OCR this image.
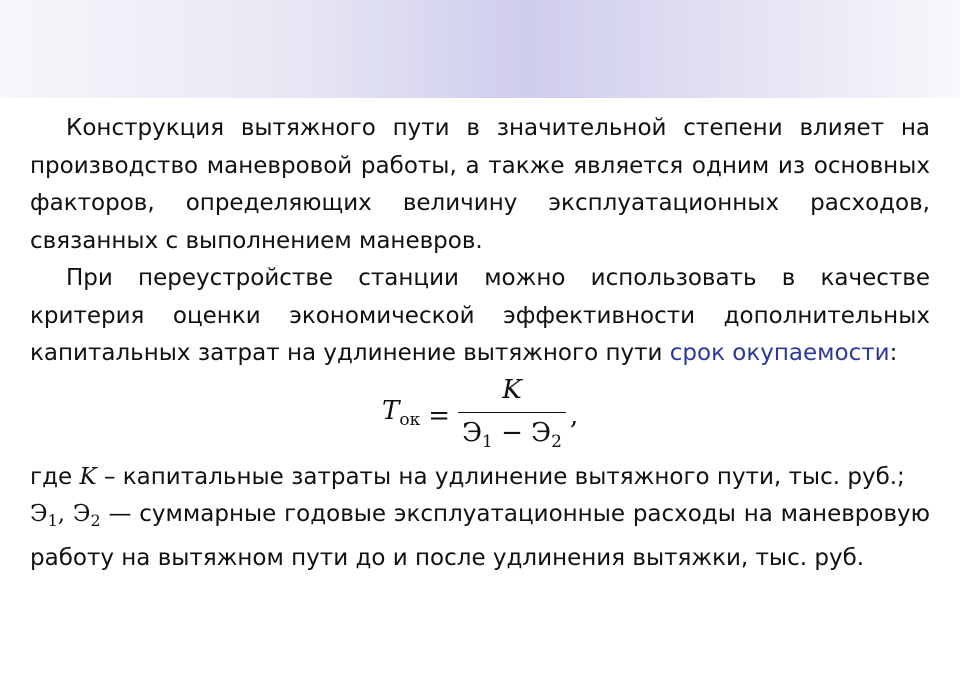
Конструкция вытяжного пути в значительной степени влияет на производство маневровой работы, а также является одним из основных факторов, определяющих величину эксплуатационных расходов, связанных с выполнением маневров.

При переустройстве станции можно использовать в качестве критерия оценки экономической эффективности дополнительных капитальных затрат на удлинение вытяжного пути срок окупаемости:

$T_{ок} = \frac{K}{Э_1 - Э_2}$ ,

где K – капитальные затраты на удлинение вытяжного пути, тыс. руб.;

$Э_1$, $Э_2$ — суммарные годовые эксплуатационные расходы на маневровую работу на вытяжном пути до и после удлинения вытяжки, тыс. руб.
